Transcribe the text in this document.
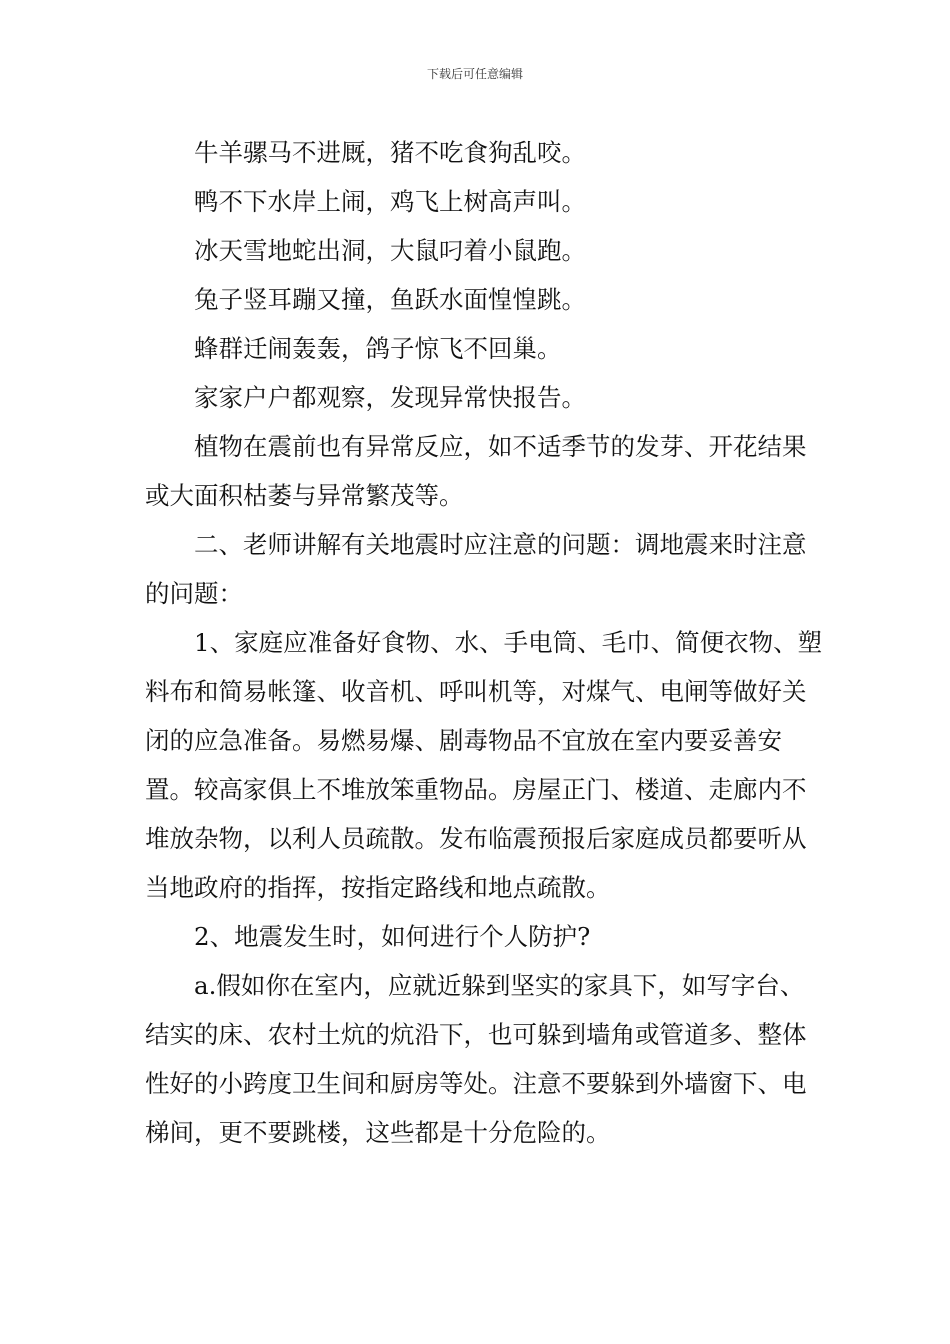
下载后可任意编辑

牛羊骡马不进厩，猪不吃食狗乱咬。

鸭不下水岸上闹，鸡飞上树高声叫。

冰天雪地蛇出洞，大鼠叼着小鼠跑。

兔子竖耳蹦又撞，鱼跃水面惶惶跳。

蜂群迁闹轰轰，鸽子惊飞不回巢。

家家户户都观察，发现异常快报告。

植物在震前也有异常反应，如不适季节的发芽、开花结果或大面积枯萎与异常繁茂等。

二、老师讲解有关地震时应注意的问题：调地震来时注意的问题：

1、家庭应准备好食物、水、手电筒、毛巾、简便衣物、塑料布和简易帐篷、收音机、呼叫机等，对煤气、电闸等做好关闭的应急准备。易燃易爆、剧毒物品不宜放在室内要妥善安置。较高家俱上不堆放笨重物品。房屋正门、楼道、走廊内不堆放杂物，以利人员疏散。发布临震预报后家庭成员都要听从当地政府的指挥，按指定路线和地点疏散。

2、地震发生时，如何进行个人防护?

a.假如你在室内，应就近躲到坚实的家具下，如写字台、结实的床、农村土炕的炕沿下，也可躲到墙角或管道多、整体性好的小跨度卫生间和厨房等处。注意不要躲到外墙窗下、电梯间，更不要跳楼，这些都是十分危险的。
